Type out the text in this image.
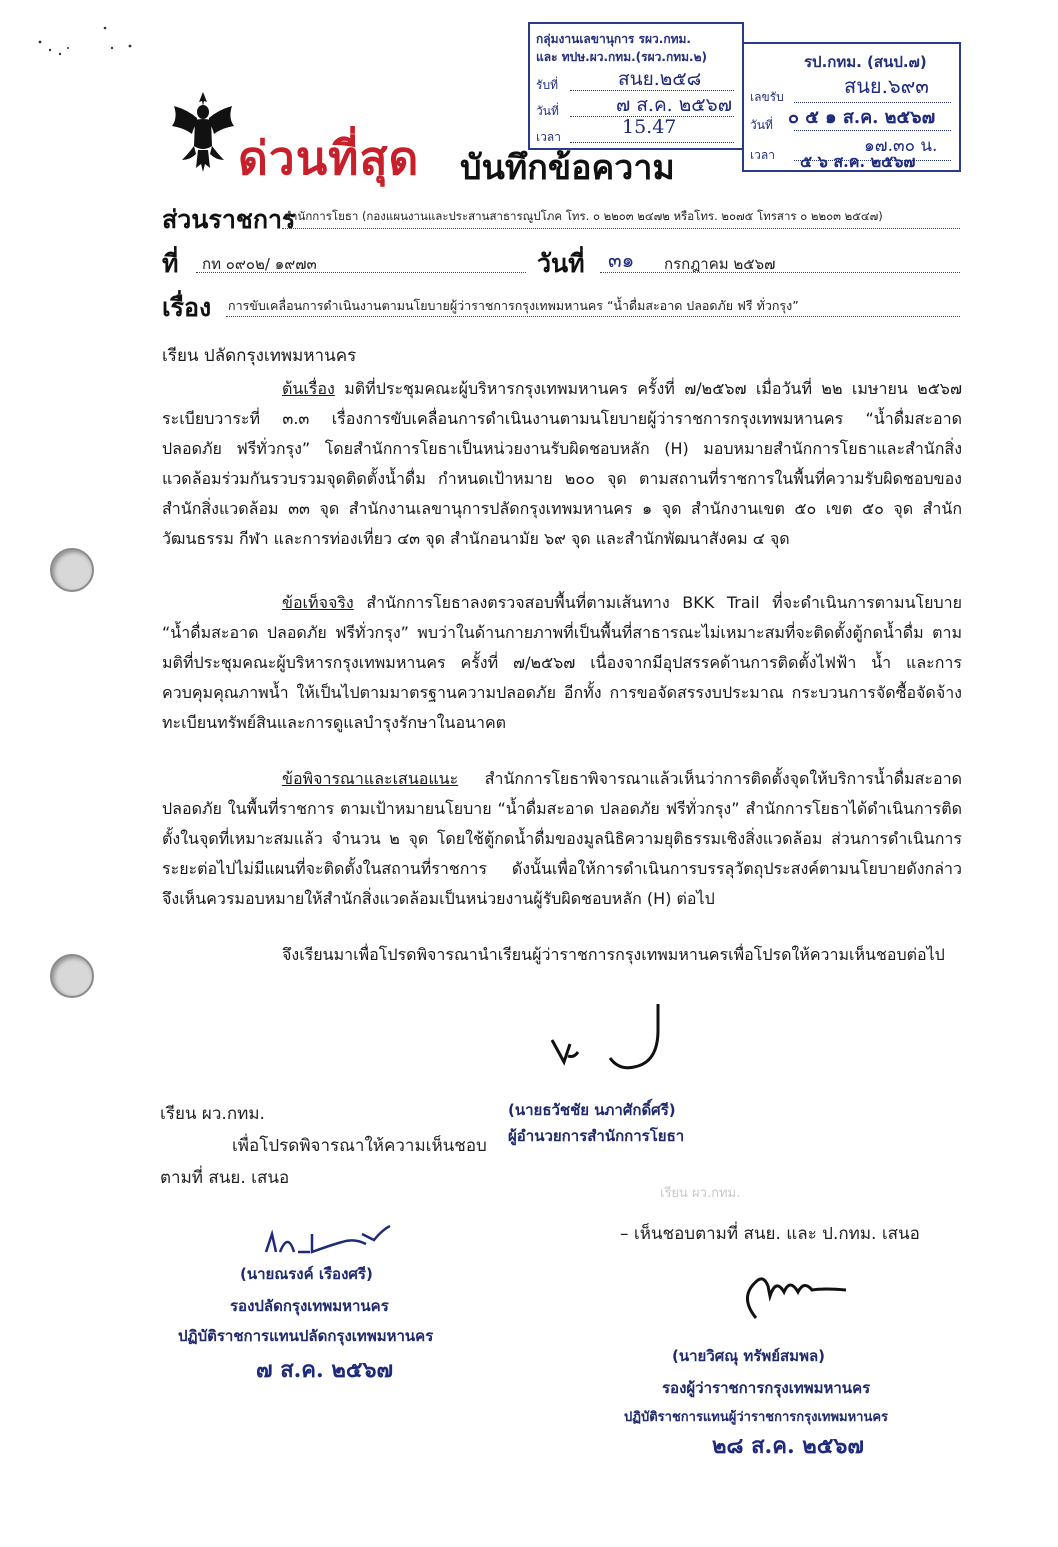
กลุ่มงานเลขานุการ รผว.กทม.
และ ทปษ.ผว.กทม.(รผว.กทม.๒)
รับที่	สนย.๒๕๘
วันที่	๗ ส.ค. ๒๕๖๗
เวลา	15.47
รป.กทม. (สนป.๗)
เลขรับ	สนย.๖๙๓
วันที่ ๐ ๕ ๑ ส.ค. ๒๕๖๗
เวลา	๑๗.๓๐ น.
๕ ๖ ส.ค. ๒๕๖๗
ด่วนที่สุด บันทึกข้อความ
ส่วนราชการ
สำนักการโยธา (กองแผนงานและประสานสาธารณูปโภค โทร. ๐ ๒๒๐๓ ๒๔๗๒ หรือโทร. ๒๐๗๕ โทรสาร ๐ ๒๒๐๓ ๒๕๔๗)
ที่ กท ๐๙๐๒/ ๑๙๗๓	วันที่ ๓๑ กรกฎาคม ๒๕๖๗
เรื่อง การขับเคลื่อนการดำเนินงานตามนโยบายผู้ว่าราชการกรุงเทพมหานคร “น้ำดื่มสะอาด ปลอดภัย ฟรี ทั่วกรุง”
เรียน ปลัดกรุงเทพมหานคร
ต้นเรื่อง มติที่ประชุมคณะผู้บริหารกรุงเทพมหานคร ครั้งที่ ๗/๒๕๖๗ เมื่อวันที่ ๒๒ เมษายน ๒๕๖๗ ระเบียบวาระที่ ๓.๓ เรื่องการขับเคลื่อนการดำเนินงานตามนโยบายผู้ว่าราชการกรุงเทพมหานคร “น้ำดื่มสะอาด ปลอดภัย ฟรีทั่วกรุง” โดยสำนักการโยธาเป็นหน่วยงานรับผิดชอบหลัก (H) มอบหมายสำนักการโยธาและสำนักสิ่งแวดล้อมร่วมกันรวบรวมจุดติดตั้งน้ำดื่ม กำหนดเป้าหมาย ๒๐๐ จุด ตามสถานที่ราชการในพื้นที่ความรับผิดชอบของสำนักสิ่งแวดล้อม ๓๓ จุด สำนักงานเลขานุการปลัดกรุงเทพมหานคร ๑ จุด สำนักงานเขต ๕๐ เขต ๕๐ จุด สำนักวัฒนธรรม กีฬา และการท่องเที่ยว ๔๓ จุด สำนักอนามัย ๖๙ จุด และสำนักพัฒนาสังคม ๔ จุด
ข้อเท็จจริง สำนักการโยธาลงตรวจสอบพื้นที่ตามเส้นทาง BKK Trail ที่จะดำเนินการตามนโยบาย “น้ำดื่มสะอาด ปลอดภัย ฟรีทั่วกรุง” พบว่าในด้านกายภาพที่เป็นพื้นที่สาธารณะไม่เหมาะสมที่จะติดตั้งตู้กดน้ำดื่ม ตามมติที่ประชุมคณะผู้บริหารกรุงเทพมหานคร ครั้งที่ ๗/๒๕๖๗ เนื่องจากมีอุปสรรคด้านการติดตั้งไฟฟ้า น้ำ และการควบคุมคุณภาพน้ำ ให้เป็นไปตามมาตรฐานความปลอดภัย อีกทั้ง การขอจัดสรรงบประมาณ กระบวนการจัดซื้อจัดจ้าง ทะเบียนทรัพย์สินและการดูแลบำรุงรักษาในอนาคต
ข้อพิจารณาและเสนอแนะ สำนักการโยธาพิจารณาแล้วเห็นว่าการติดตั้งจุดให้บริการน้ำดื่มสะอาด ปลอดภัย ในพื้นที่ราชการ ตามเป้าหมายนโยบาย “น้ำดื่มสะอาด ปลอดภัย ฟรีทั่วกรุง” สำนักการโยธาได้ดำเนินการติดตั้งในจุดที่เหมาะสมแล้ว จำนวน ๒ จุด โดยใช้ตู้กดน้ำดื่มของมูลนิธิความยุติธรรมเชิงสิ่งแวดล้อม ส่วนการดำเนินการระยะต่อไปไม่มีแผนที่จะติดตั้งในสถานที่ราชการ ดังนั้นเพื่อให้การดำเนินการบรรลุวัตถุประสงค์ตามนโยบายดังกล่าว จึงเห็นควรมอบหมายให้สำนักสิ่งแวดล้อมเป็นหน่วยงานผู้รับผิดชอบหลัก (H) ต่อไป
จึงเรียนมาเพื่อโปรดพิจารณานำเรียนผู้ว่าราชการกรุงเทพมหานครเพื่อโปรดให้ความเห็นชอบต่อไป
(นายธวัชชัย นภาศักดิ์ศรี)
ผู้อำนวยการสำนักการโยธา
เรียน ผว.กทม.
เพื่อโปรดพิจารณาให้ความเห็นชอบ
ตามที่ สนย. เสนอ
(นายณรงค์ เรืองศรี)
รองปลัดกรุงเทพมหานคร
ปฏิบัติราชการแทนปลัดกรุงเทพมหานคร
๗ ส.ค. ๒๕๖๗
เรียน ผว.กทม.
– เห็นชอบตามที่ สนย. และ ป.กทม. เสนอ
(นายวิศณุ ทรัพย์สมพล)
รองผู้ว่าราชการกรุงเทพมหานคร
ปฏิบัติราชการแทนผู้ว่าราชการกรุงเทพมหานคร
๒๘ ส.ค. ๒๕๖๗
